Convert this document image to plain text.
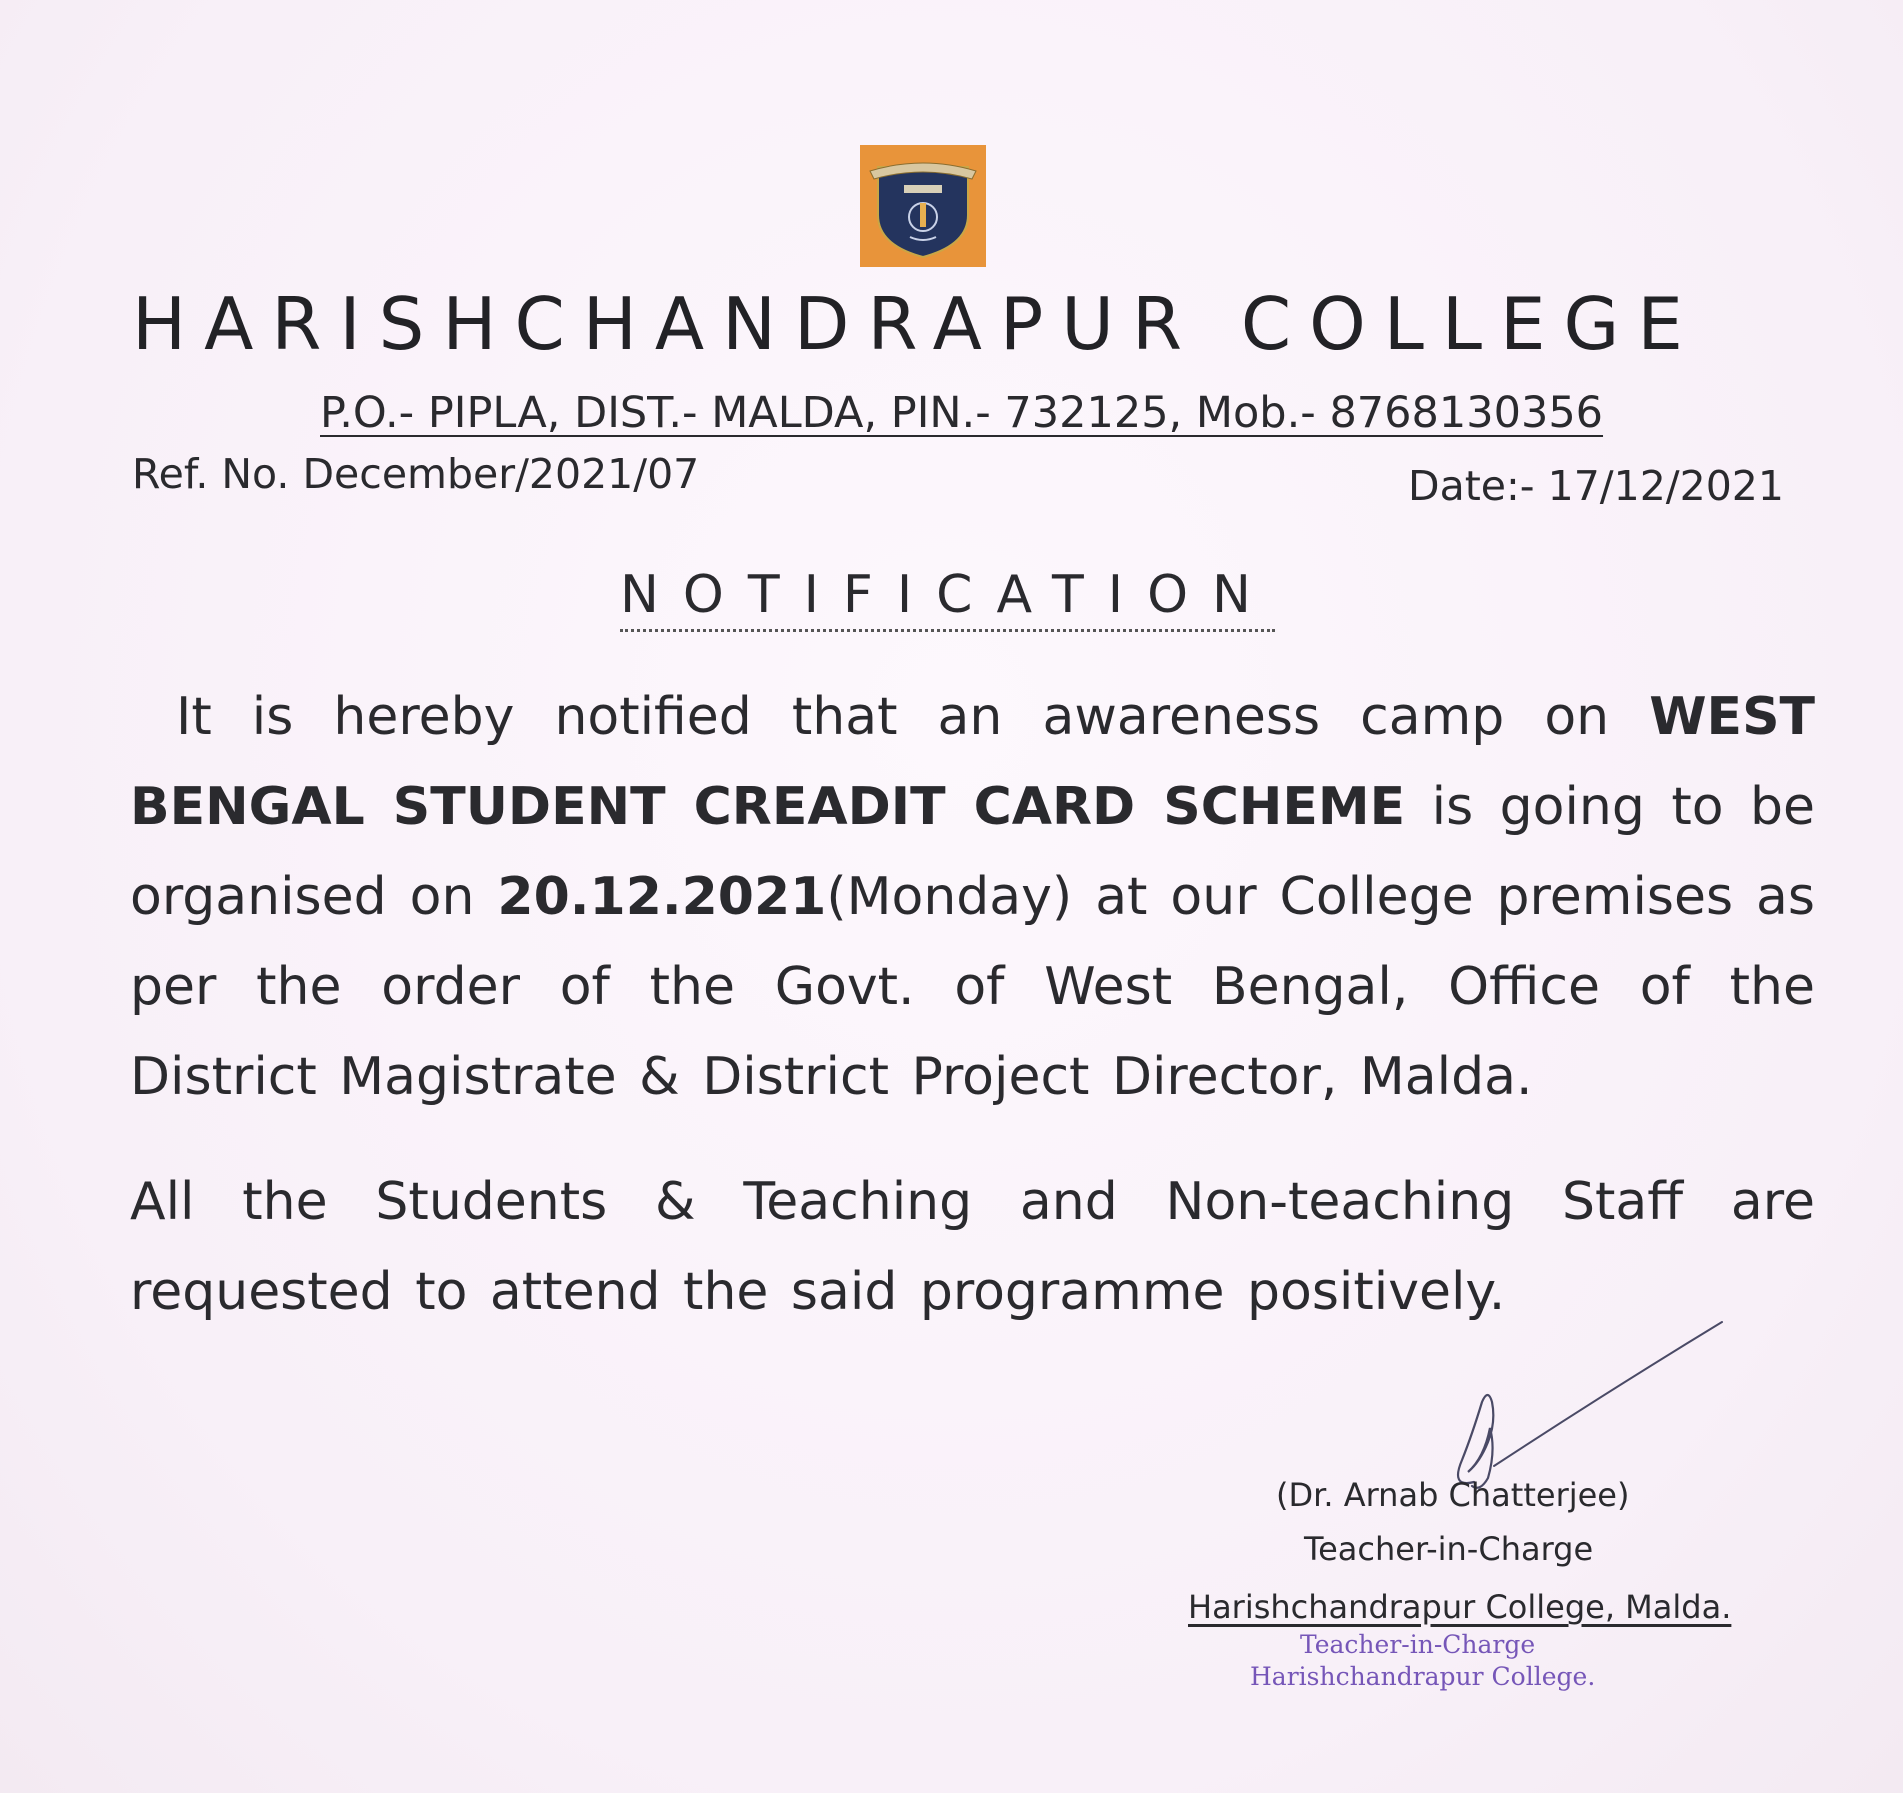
HARISHCHANDRAPUR COLLEGE
P.O.- PIPLA, DIST.- MALDA, PIN.- 732125, Mob.- 8768130356
Ref. No. December/2021/07	Date:- 17/12/2021
NOTIFICATION
It is hereby notified that an awareness camp on WEST BENGAL STUDENT CREADIT CARD SCHEME is going to be organised on 20.12.2021(Monday) at our College premises as per the order of the Govt. of West Bengal, Office of the District Magistrate & District Project Director, Malda.
All the Students & Teaching and Non-teaching Staff are requested to attend the said programme positively.
(Dr. Arnab Chatterjee)
Teacher-in-Charge
Harishchandrapur College, Malda.
Teacher-in-Charge
Harishchandrapur College.
